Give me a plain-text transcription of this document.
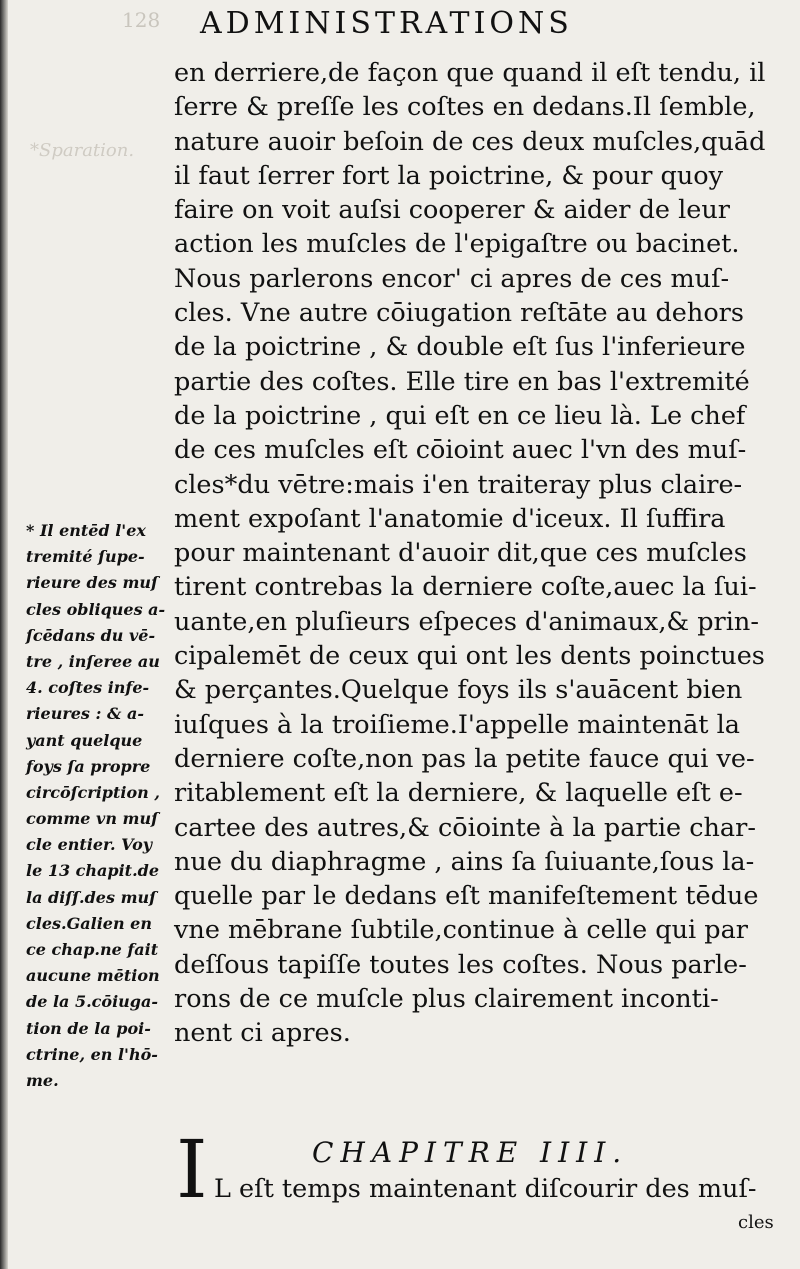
128 ADMINISTRATIONS
*Sparation.
en derriere,de façon que quand il eſt tendu, il
ſerre & preſſe les coſtes en dedans.Il ſemble,
nature auoir beſoin de ces deux muſcles,quād
il faut ſerrer fort la poictrine, & pour quoy
faire on voit auſsi cooperer & aider de leur
action les muſcles de l'epigaſtre ou bacinet.
Nous parlerons encor' ci apres de ces muſ-
cles. Vne autre cōiugation reſtāte au dehors
de la poictrine , & double eſt ſus l'inferieure
partie des coſtes. Elle tire en bas l'extremité
de la poictrine , qui eſt en ce lieu là. Le chef
de ces muſcles eſt cōioint auec l'vn des muſ-
cles*du vētre:mais i'en traiteray plus claire-
ment expoſant l'anatomie d'iceux. Il ſuffira
pour maintenant d'auoir dit,que ces muſcles
tirent contrebas la derniere coſte,auec la ſui-
uante,en pluſieurs eſpeces d'animaux,& prin-
cipalemēt de ceux qui ont les dents poinctues
& perçantes.Quelque foys ils s'auācent bien
iuſques à la troiſieme.I'appelle maintenāt la
derniere coſte,non pas la petite fauce qui ve-
ritablement eſt la derniere, & laquelle eſt e-
cartee des autres,& cōiointe à la partie char-
nue du diaphragme , ains ſa ſuiuante,ſous la-
quelle par le dedans eſt manifeſtement tēdue
vne mēbrane ſubtile,continue à celle qui par
deſſous tapiſſe toutes les coſtes. Nous parle-
rons de ce muſcle plus clairement inconti-
nent ci apres.
* Il entēd l'ex
tremité ſupe-
rieure des muſ
cles obliques a-
ſcēdans du vē-
tre , inſeree au
4. coſtes infe-
rieures : & a-
yant quelque
foys ſa propre
circōſcription ,
comme vn muſ
cle entier. Voy
le 13 chapit.de
la diſſ.des muſ
cles.Galien en
ce chap.ne fait
aucune mētion
de la 5.cōiuga-
tion de la poi-
ctrine, en l'hō-
me.
I	CHAPITRE IIII.
L eſt temps maintenant diſcourir des muſ-
cles
